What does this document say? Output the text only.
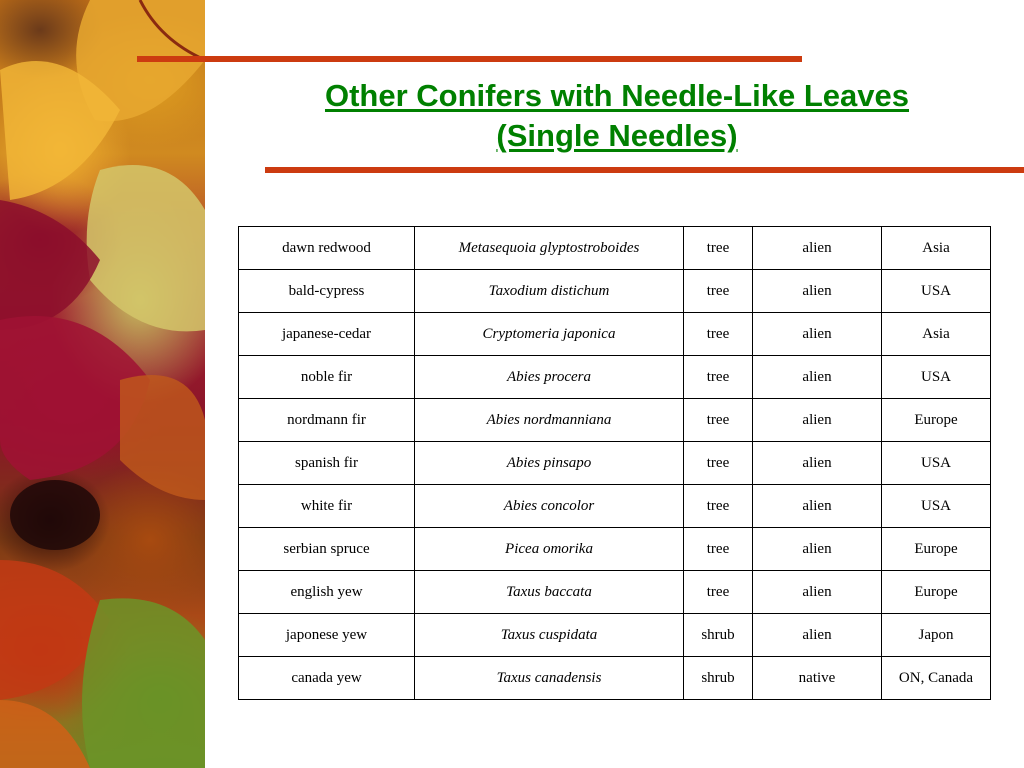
Other Conifers with Needle-Like Leaves
(Single Needles)
dawn redwood	Metasequoia glyptostroboides	tree	alien	Asia
bald-cypress	Taxodium distichum	tree	alien	USA
japanese-cedar	Cryptomeria japonica	tree	alien	Asia
noble fir	Abies procera	tree	alien	USA
nordmann fir	Abies nordmanniana	tree	alien	Europe
spanish fir	Abies pinsapo	tree	alien	USA
white fir	Abies concolor	tree	alien	USA
serbian spruce	Picea omorika	tree	alien	Europe
english yew	Taxus baccata	tree	alien	Europe
japonese yew	Taxus cuspidata	shrub	alien	Japon
canada yew	Taxus canadensis	shrub	native	ON, Canada
